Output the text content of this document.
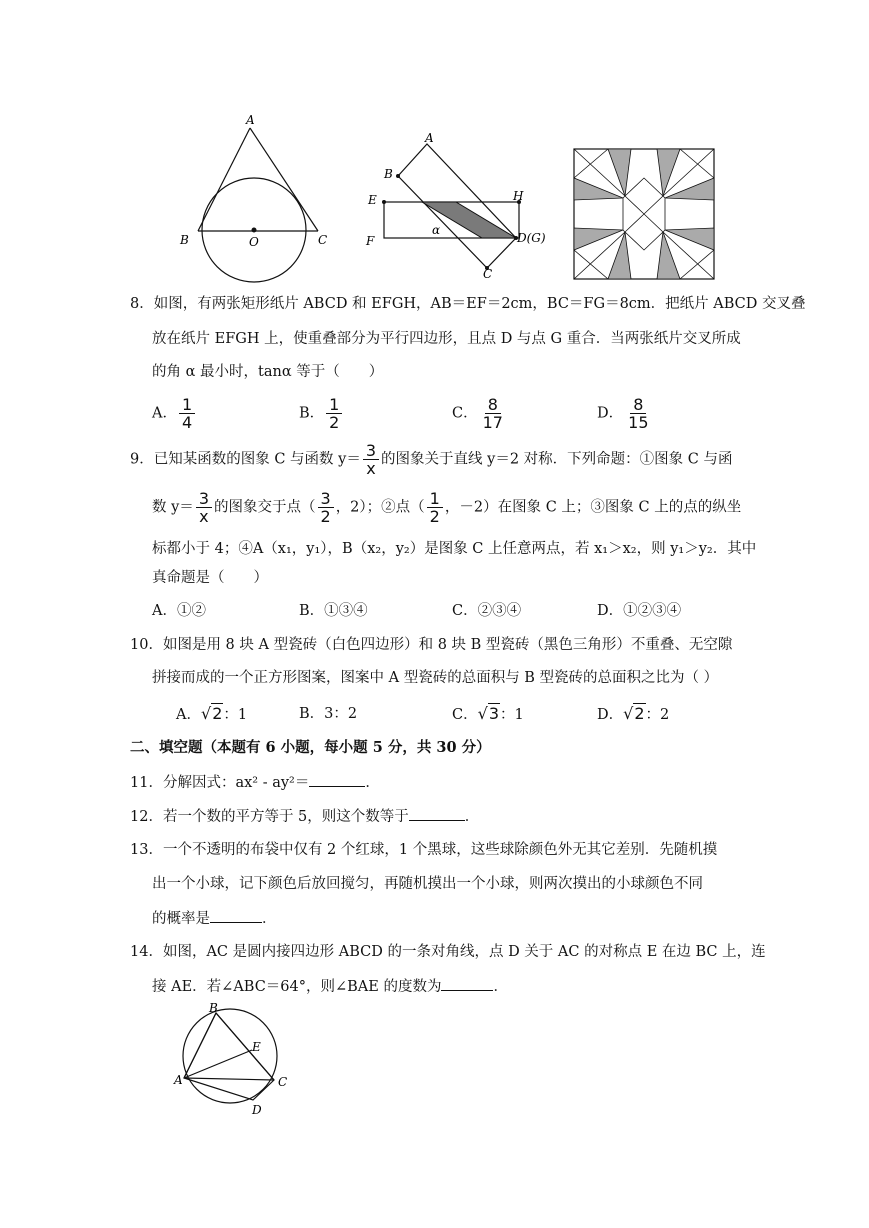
A
B	O	C
A
B
E	H
F
α
D(G)
C
8．如图，有两张矩形纸片 ABCD 和 EFGH，AB＝EF＝2cm，BC＝FG＝8cm．把纸片 ABCD 交叉叠
放在纸片 EFGH 上，使重叠部分为平行四边形，且点 D 与点 G 重合．当两张纸片交叉所成
的角 α 最小时，tanα 等于（　　）
A． $\frac{1}{4}$	B． $\frac{1}{2}$	C． $\frac{8}{17}$	D． $\frac{8}{15}$
9．已知某函数的图象 C 与函数 $y= \frac{3}{x}$ 的图象关于直线 y＝2 对称．下列命题：①图象 C 与函
数 $y= \frac{3}{x}$ 的图象交于点（ $\frac{3}{2}$ ，2）；②点（ $\frac{1}{2}$ ，－2）在图象 C 上；③图象 C 上的点的纵坐
标都小于 4；④A（x₁，y₁），B（x₂，y₂）是图象 C 上任意两点，若 x₁＞x₂，则 y₁＞y₂．其中
真命题是（　　）
A．①②	B．①③④	C．②③④	D．①②③④
10．如图是用 8 块 A 型瓷砖（白色四边形）和 8 块 B 型瓷砖（黑色三角形）不重叠、无空隙
拼接而成的一个正方形图案，图案中 A 型瓷砖的总面积与 B 型瓷砖的总面积之比为（ ）
A．√2：1	B．3：2	C．√3：1	D．√2：2
二、填空题（本题有 6 小题，每小题 5 分，共 30 分）
11．分解因式：ax² - ay²＝	．
12．若一个数的平方等于 5，则这个数等于	．
13．一个不透明的布袋中仅有 2 个红球，1 个黑球，这些球除颜色外无其它差别．先随机摸
出一个小球，记下颜色后放回搅匀，再随机摸出一个小球，则两次摸出的小球颜色不同
的概率是	．
14．如图，AC 是圆内接四边形 ABCD 的一条对角线，点 D 关于 AC 的对称点 E 在边 BC 上，连
接 AE．若∠ABC＝64°，则∠BAE 的度数为	．
B
E
A	C
D
